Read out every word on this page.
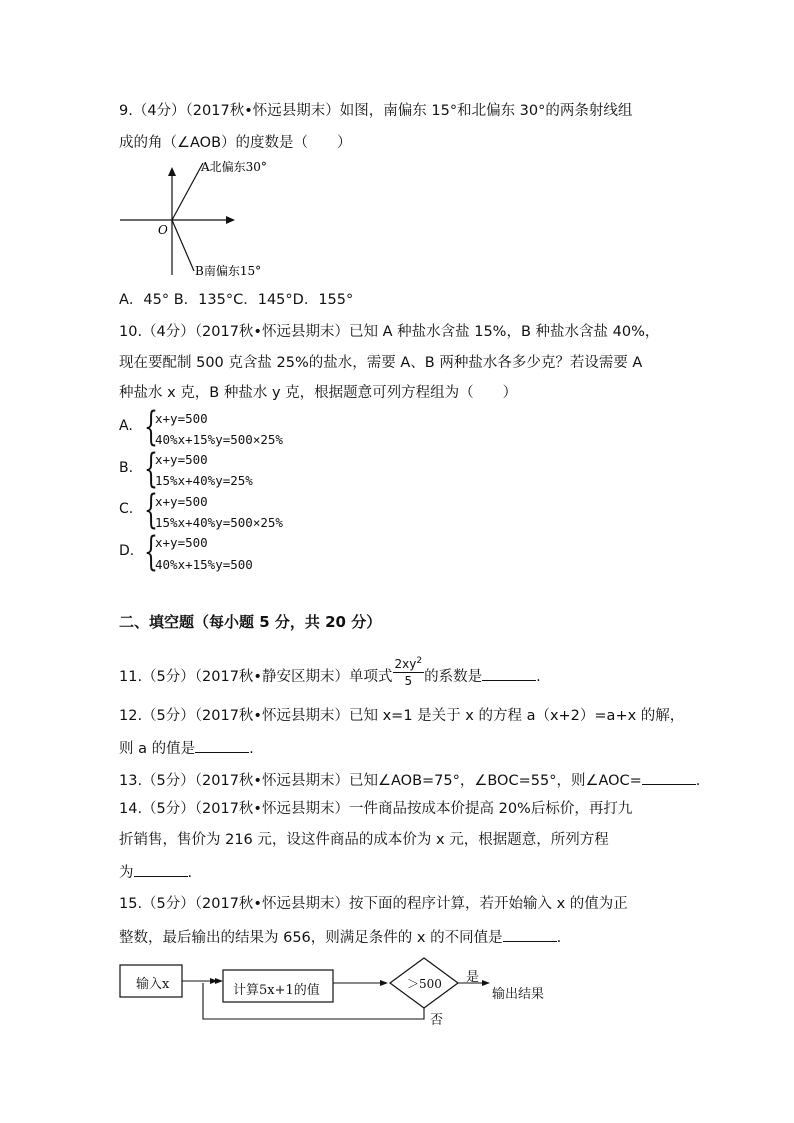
9.（4分）（2017秋•怀远县期末）如图，南偏东 15°和北偏东 30°的两条射线组
成的角（∠AOB）的度数是（　　）
A北偏东30°
O
B南偏东15°
A．45° B．135°C．145°D．155°
10.（4分）（2017秋•怀远县期末）已知 A 种盐水含盐 15%，B 种盐水含盐 40%，
现在要配制 500 克含盐 25%的盐水，需要 A、B 两种盐水各多少克？若设需要 A
种盐水 x 克，B 种盐水 y 克，根据题意可列方程组为（　　）
A. {
x+y=500
40%x+15%y=500×25%
B. {
x+y=500
15%x+40%y=25%
C. {
x+y=500
15%x+40%y=500×25%
D. {
x+y=500
40%x+15%y=500
二、填空题（每小题 5 分，共 20 分）
11.（5分）（2017秋•静安区期末）单项式 $\frac{2xy^2}{5}$ 的系数是	.
12.（5分）（2017秋•怀远县期末）已知 x=1 是关于 x 的方程 a（x+2）=a+x 的解，
则 a 的值是	.
13.（5分）（2017秋•怀远县期末）已知∠AOB=75°，∠BOC=55°，则∠AOC=	.
14.（5分）（2017秋•怀远县期末）一件商品按成本价提高 20%后标价，再打九
折销售，售价为 216 元，设这件商品的成本价为 x 元，根据题意，所列方程
为	.
15.（5分）（2017秋•怀远县期末）按下面的程序计算，若开始输入 x 的值为正
整数，最后输出的结果为 656，则满足条件的 x 的不同值是	.
输入x	计算5x+1的值	＞500 是
输出结果
否
